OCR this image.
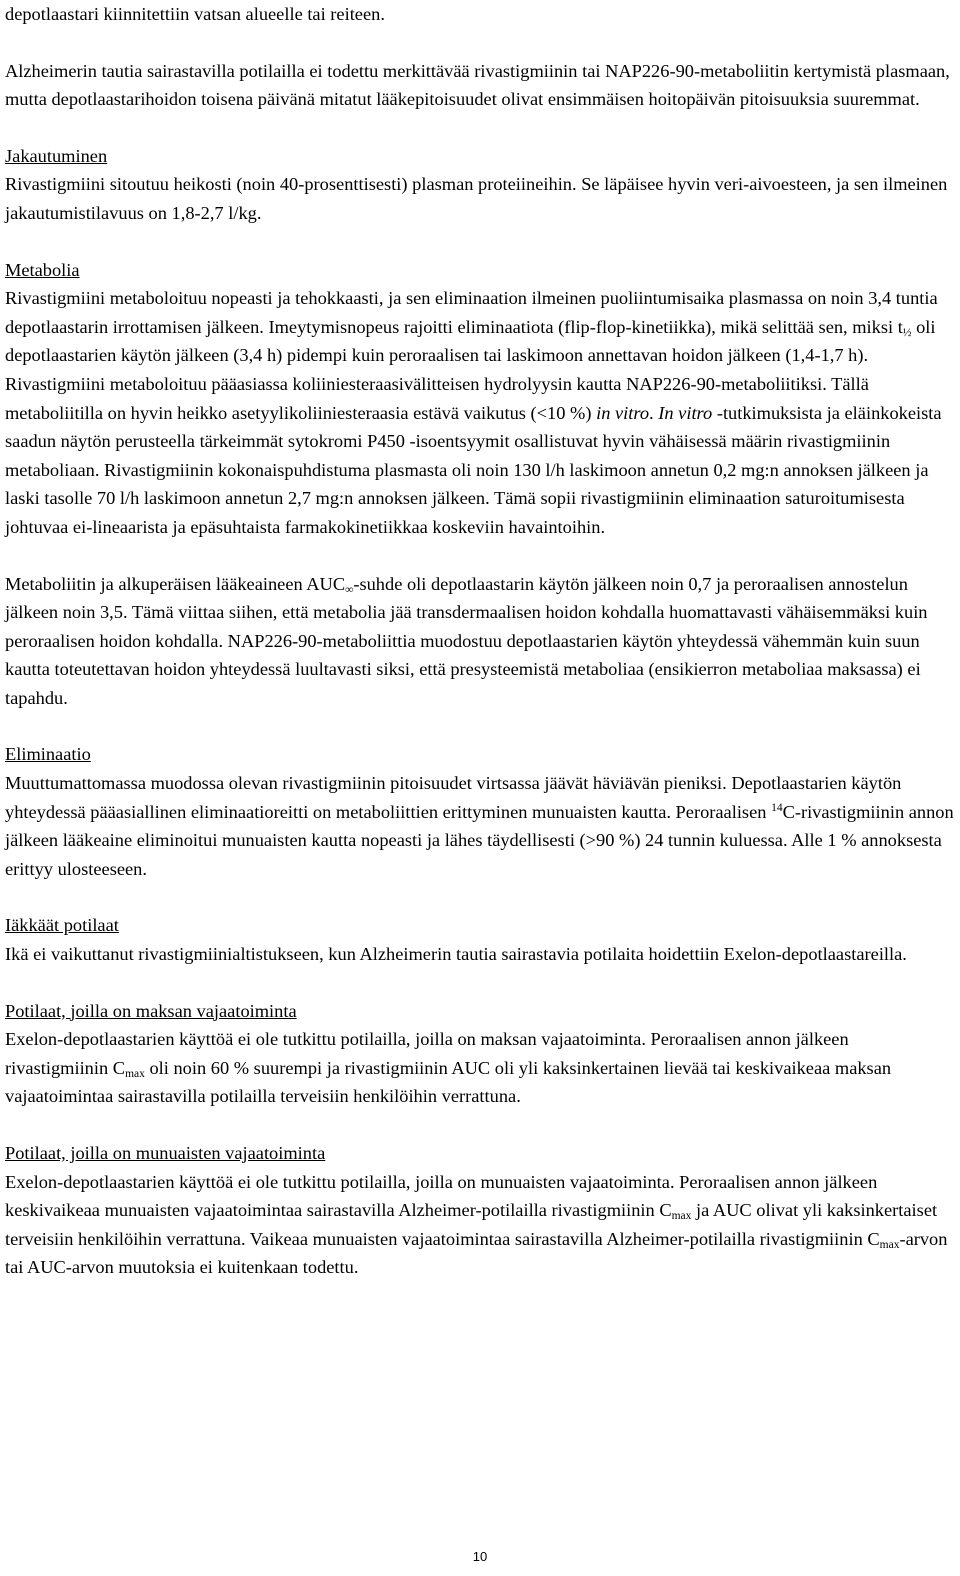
depotlaastari kiinnitettiin vatsan alueelle tai reiteen.

Alzheimerin tautia sairastavilla potilailla ei todettu merkittävää rivastigmiinin tai NAP226-90-metaboliitin kertymistä plasmaan, mutta depotlaastarihoidon toisena päivänä mitatut lääkepitoisuudet olivat ensimmäisen hoitopäivän pitoisuuksia suuremmat.

Jakautuminen

Rivastigmiini sitoutuu heikosti (noin 40-prosenttisesti) plasman proteiineihin. Se läpäisee hyvin veri-aivoesteen, ja sen ilmeinen jakautumistilavuus on 1,8-2,7 l/kg.

Metabolia

Rivastigmiini metaboloituu nopeasti ja tehokkaasti, ja sen eliminaation ilmeinen puoliintumisaika plasmassa on noin 3,4 tuntia depotlaastarin irrottamisen jälkeen. Imeytymisnopeus rajoitti eliminaatiota (flip-flop-kinetiikka), mikä selittää sen, miksi $t_{\frac{1}{2}}$ oli depotlaastarien käytön jälkeen (3,4 h) pidempi kuin peroraalisen tai laskimoon annettavan hoidon jälkeen (1,4-1,7 h). Rivastigmiini metaboloituu pääasiassa koliiniesteraasivälitteisen hydrolyysin kautta NAP226-90-metaboliitiksi. Tällä metaboliitilla on hyvin heikko asetyylikoliiniesteraasia estävä vaikutus (<10 %) in vitro. In vitro -tutkimuksista ja eläinkokeista saadun näytön perusteella tärkeimmät sytokromi P450 -isoentsyymit osallistuvat hyvin vähäisessä määrin rivastigmiinin metaboliaan. Rivastigmiinin kokonaispuhdistuma plasmasta oli noin 130 l/h laskimoon annetun 0,2 mg:n annoksen jälkeen ja laski tasolle 70 l/h laskimoon annetun 2,7 mg:n annoksen jälkeen. Tämä sopii rivastigmiinin eliminaation saturoitumisesta johtuvaa ei-lineaarista ja epäsuhtaista farmakokinetiikkaa koskeviin havaintoihin.

Metaboliitin ja alkuperäisen lääkeaineen $AUC_\infty$-suhde oli depotlaastarin käytön jälkeen noin 0,7 ja peroraalisen annostelun jälkeen noin 3,5. Tämä viittaa siihen, että metabolia jää transdermaalisen hoidon kohdalla huomattavasti vähäisemmäksi kuin peroraalisen hoidon kohdalla. NAP226-90-metaboliittia muodostuu depotlaastarien käytön yhteydessä vähemmän kuin suun kautta toteutettavan hoidon yhteydessä luultavasti siksi, että presysteemistä metaboliaa (ensikierron metaboliaa maksassa) ei tapahdu.

Eliminaatio

Muuttumattomassa muodossa olevan rivastigmiinin pitoisuudet virtsassa jäävät häviävän pieniksi. Depotlaastarien käytön yhteydessä pääasiallinen eliminaatioreitti on metaboliittien erittyminen munuaisten kautta. Peroraalisen $^{14}$C-rivastigmiinin annon jälkeen lääkeaine eliminoitui munuaisten kautta nopeasti ja lähes täydellisesti (>90 %) 24 tunnin kuluessa. Alle 1 % annoksesta erittyy ulosteeseen.

Iäkkäät potilaat

Ikä ei vaikuttanut rivastigmiinialtistukseen, kun Alzheimerin tautia sairastavia potilaita hoidettiin Exelon-depotlaastareilla.

Potilaat, joilla on maksan vajaatoiminta

Exelon-depotlaastarien käyttöä ei ole tutkittu potilailla, joilla on maksan vajaatoiminta. Peroraalisen annon jälkeen rivastigmiinin $C_{max}$ oli noin 60 % suurempi ja rivastigmiinin AUC oli yli kaksinkertainen lievää tai keskivaikeaa maksan vajaatoimintaa sairastavilla potilailla terveisiin henkilöihin verrattuna.

Potilaat, joilla on munuaisten vajaatoiminta

Exelon-depotlaastarien käyttöä ei ole tutkittu potilailla, joilla on munuaisten vajaatoiminta. Peroraalisen annon jälkeen keskivaikeaa munuaisten vajaatoimintaa sairastavilla Alzheimer-potilailla rivastigmiinin $C_{max}$ ja AUC olivat yli kaksinkertaiset terveisiin henkilöihin verrattuna. Vaikeaa munuaisten vajaatoimintaa sairastavilla Alzheimer-potilailla rivastigmiinin $C_{max}$-arvon tai AUC-arvon muutoksia ei kuitenkaan todettu.

10
